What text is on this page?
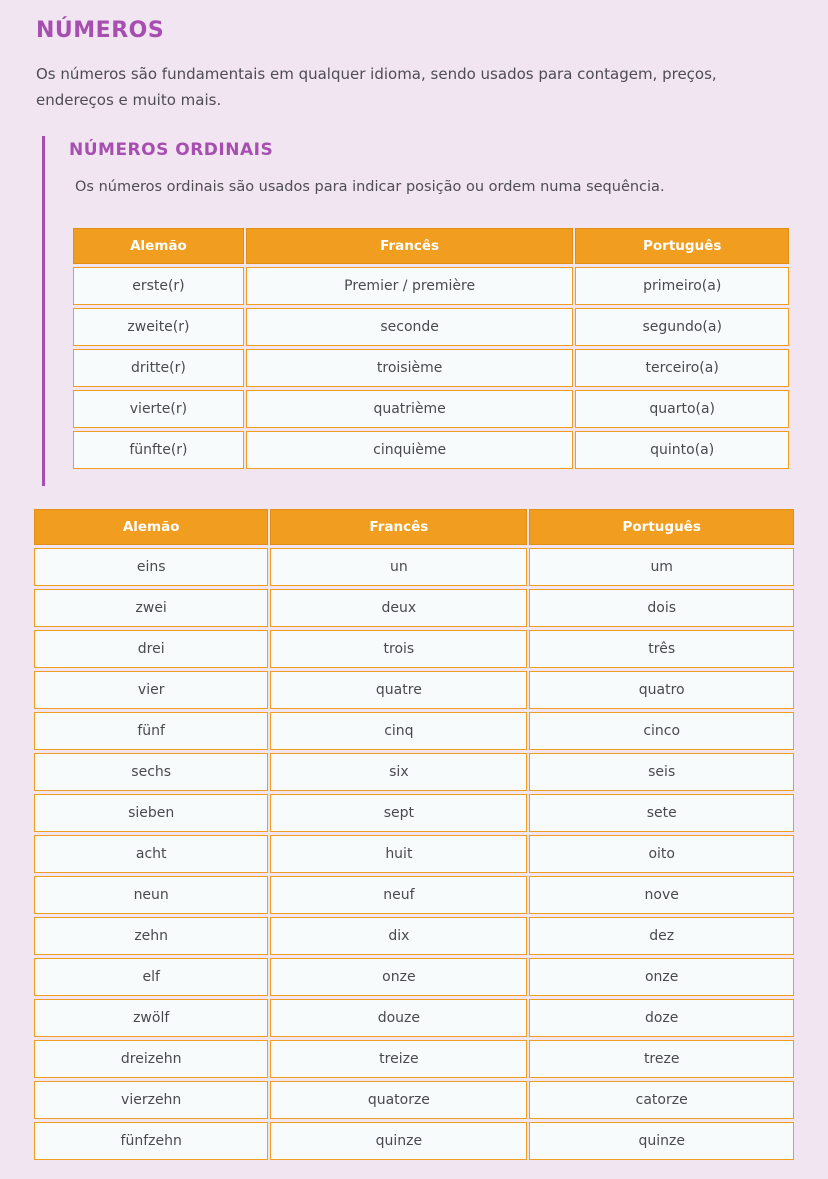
NÚMEROS

Os números são fundamentais em qualquer idioma, sendo usados para contagem, preços, endereços e muito mais.

NÚMEROS ORDINAIS

Os números ordinais são usados para indicar posição ou ordem numa sequência.

Alemão	Francês	Português
erste(r)	Premier / première	primeiro(a)
zweite(r)	seconde	segundo(a)
dritte(r)	troisième	terceiro(a)
vierte(r)	quatrième	quarto(a)
fünfte(r)	cinquième	quinto(a)
Alemão	Francês	Português
eins	un	um
zwei	deux	dois
drei	trois	três
vier	quatre	quatro
fünf	cinq	cinco
sechs	six	seis
sieben	sept	sete
acht	huit	oito
neun	neuf	nove
zehn	dix	dez
elf	onze	onze
zwölf	douze	doze
dreizehn	treize	treze
vierzehn	quatorze	catorze
fünfzehn	quinze	quinze
